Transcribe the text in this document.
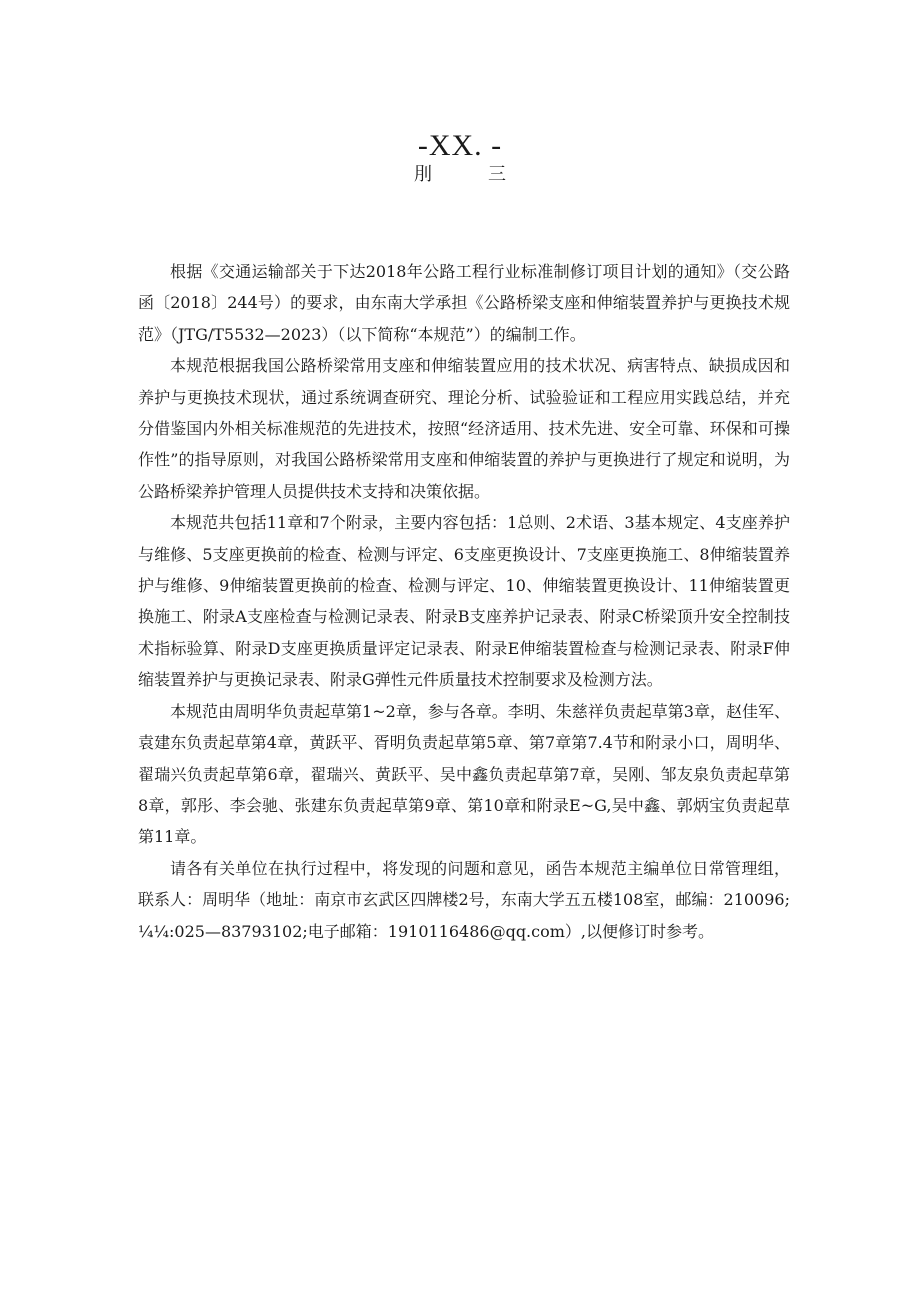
-XX. -
刖	三

根据《交通运输部关于下达2018年公路工程行业标准制修订项目计划的通知》（交公路函〔2018〕244号）的要求，由东南大学承担《公路桥梁支座和伸缩装置养护与更换技术规范》（JTG/T5532—2023）（以下简称“本规范”）的编制工作。

本规范根据我国公路桥梁常用支座和伸缩装置应用的技术状况、病害特点、缺损成因和养护与更换技术现状，通过系统调查研究、理论分析、试验验证和工程应用实践总结，并充分借鉴国内外相关标准规范的先进技术，按照“经济适用、技术先进、安全可靠、环保和可操作性”的指导原则，对我国公路桥梁常用支座和伸缩装置的养护与更换进行了规定和说明，为公路桥梁养护管理人员提供技术支持和决策依据。

本规范共包括11章和7个附录，主要内容包括：1总则、2术语、3基本规定、4支座养护与维修、5支座更换前的检查、检测与评定、6支座更换设计、7支座更换施工、8伸缩装置养护与维修、9伸缩装置更换前的检查、检测与评定、10、伸缩装置更换设计、11伸缩装置更换施工、附录A支座检查与检测记录表、附录B支座养护记录表、附录C桥梁顶升安全控制技术指标验算、附录D支座更换质量评定记录表、附录E伸缩装置检查与检测记录表、附录F伸缩装置养护与更换记录表、附录G弹性元件质量技术控制要求及检测方法。

本规范由周明华负责起草第1~2章，参与各章。李明、朱慈祥负责起草第3章，赵佳军、袁建东负责起草第4章，黄跃平、胥明负责起草第5章、第7章第7.4节和附录小口，周明华、翟瑞兴负责起草第6章，翟瑞兴、黄跃平、吴中鑫负责起草第7章，吴刚、邹友泉负责起草第8章，郭彤、李会驰、张建东负责起草第9章、第10章和附录E~G,吴中鑫、郭炳宝负责起草第11章。

请各有关单位在执行过程中，将发现的问题和意见，函告本规范主编单位日常管理组，联系人：周明华（地址：南京市玄武区四牌楼2号，东南大学五五楼108室，邮编：210096;¼¼:025—83793102;电子邮箱：1910116486@qq.com）,以便修订时参考。
